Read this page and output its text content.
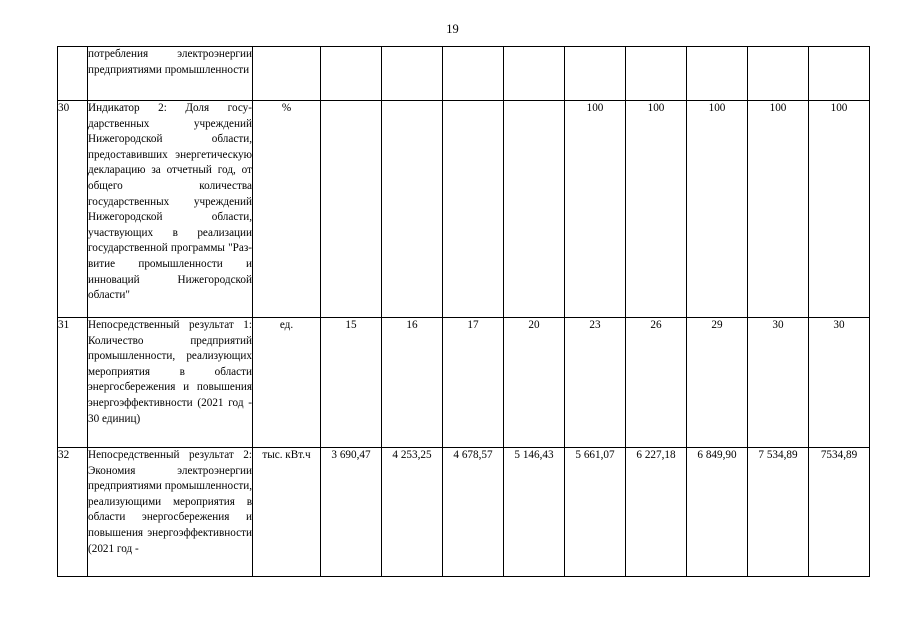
19
	потребления электроэнергии предприятиями промышленности										
30	Индикатор 2: Доля государственных учреждений Нижегородской области, предоставивших энергетическую декларацию за отчетный год, от общего количества государственных учреждений Нижегородской области, участвующих в реализации государственной программы "Развитие промышленности и инноваций Нижегородской области"	%					100	100	100	100	100
31	Непосредственный результат 1: Количество предприятий промышленности, реализующих мероприятия в области энергосбережения и повышения энергоэффективности (2021 год - 30 единиц)	ед.	15	16	17	20	23	26	29	30	30
32	Непосредственный результат 2: Экономия электроэнергии предприятиями промышленности, реализующими мероприятия в области энергосбережения и повышения энергоэффективности (2021 год -	тыс. кВт.ч	3 690,47	4 253,25	4 678,57	5 146,43	5 661,07	6 227,18	6 849,90	7 534,89	7534,89
